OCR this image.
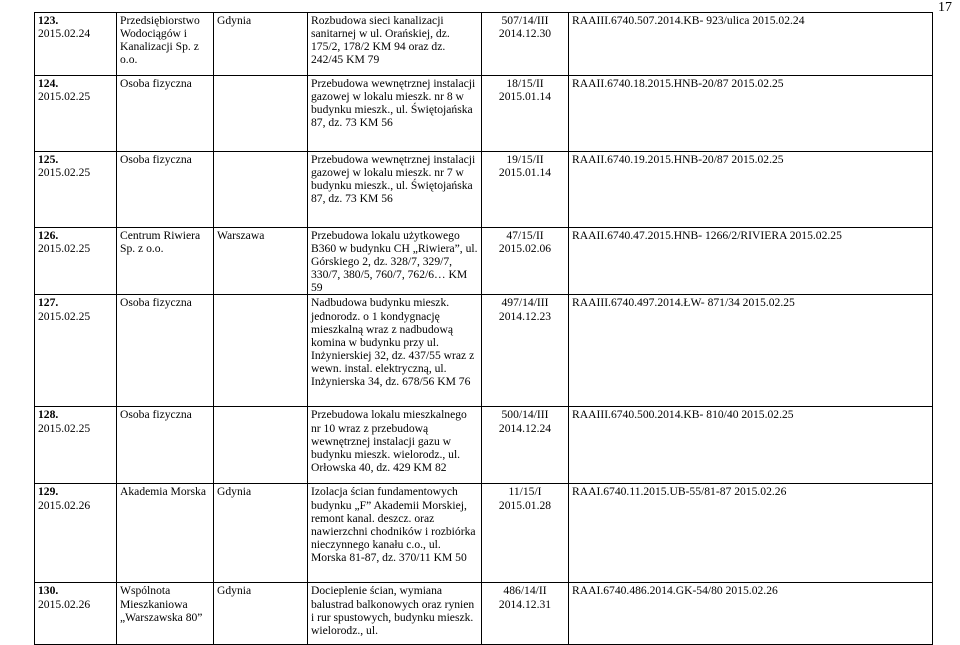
17
123. 2015.02.24	Przedsiębiorstwo Wodociągów i Kanalizacji Sp. z o.o.	Gdynia	Rozbudowa sieci kanalizacji sanitarnej w ul. Orańskiej, dz. 175/2, 178/2 KM 94 oraz dz. 242/45 KM 79	507/14/III 2014.12.30	RAAIII.6740.507.2014.KB- 923/ulica 2015.02.24
124. 2015.02.25	Osoba fizyczna		Przebudowa wewnętrznej instalacji gazowej w lokalu mieszk. nr 8 w budynku mieszk., ul. Świętojańska 87, dz. 73 KM 56	18/15/II 2015.01.14	RAAII.6740.18.2015.HNB-20/87 2015.02.25
125. 2015.02.25	Osoba fizyczna		Przebudowa wewnętrznej instalacji gazowej w lokalu mieszk. nr 7 w budynku mieszk., ul. Świętojańska 87, dz. 73 KM 56	19/15/II 2015.01.14	RAAII.6740.19.2015.HNB-20/87 2015.02.25
126. 2015.02.25	Centrum Riwiera Sp. z o.o.	Warszawa	Przebudowa lokalu użytkowego B360 w budynku CH „Riwiera”, ul. Górskiego 2, dz. 328/7, 329/7, 330/7, 380/5, 760/7, 762/6… KM 59	47/15/II 2015.02.06	RAAII.6740.47.2015.HNB- 1266/2/RIVIERA 2015.02.25
127. 2015.02.25	Osoba fizyczna		Nadbudowa budynku mieszk. jednorodz. o 1 kondygnację mieszkalną wraz z nadbudową komina w budynku przy ul. Inżynierskiej 32, dz. 437/55 wraz z wewn. instal. elektryczną, ul. Inżynierska 34, dz. 678/56 KM 76	497/14/III 2014.12.23	RAAIII.6740.497.2014.ŁW- 871/34 2015.02.25
128. 2015.02.25	Osoba fizyczna		Przebudowa lokalu mieszkalnego nr 10 wraz z przebudową wewnętrznej instalacji gazu w budynku mieszk. wielorodz., ul. Orłowska 40, dz. 429 KM 82	500/14/III 2014.12.24	RAAIII.6740.500.2014.KB- 810/40 2015.02.25
129. 2015.02.26	Akademia Morska	Gdynia	Izolacja ścian fundamentowych budynku „F” Akademii Morskiej, remont kanal. deszcz. oraz nawierzchni chodników i rozbiórka nieczynnego kanału c.o., ul. Morska 81-87, dz. 370/11 KM 50	11/15/I 2015.01.28	RAAI.6740.11.2015.UB-55/81-87 2015.02.26
130. 2015.02.26	Wspólnota Mieszkaniowa „Warszawska 80”	Gdynia	Docieplenie ścian, wymiana balustrad balkonowych oraz rynien i rur spustowych, budynku mieszk. wielorodz., ul.	486/14/II 2014.12.31	RAAI.6740.486.2014.GK-54/80 2015.02.26
